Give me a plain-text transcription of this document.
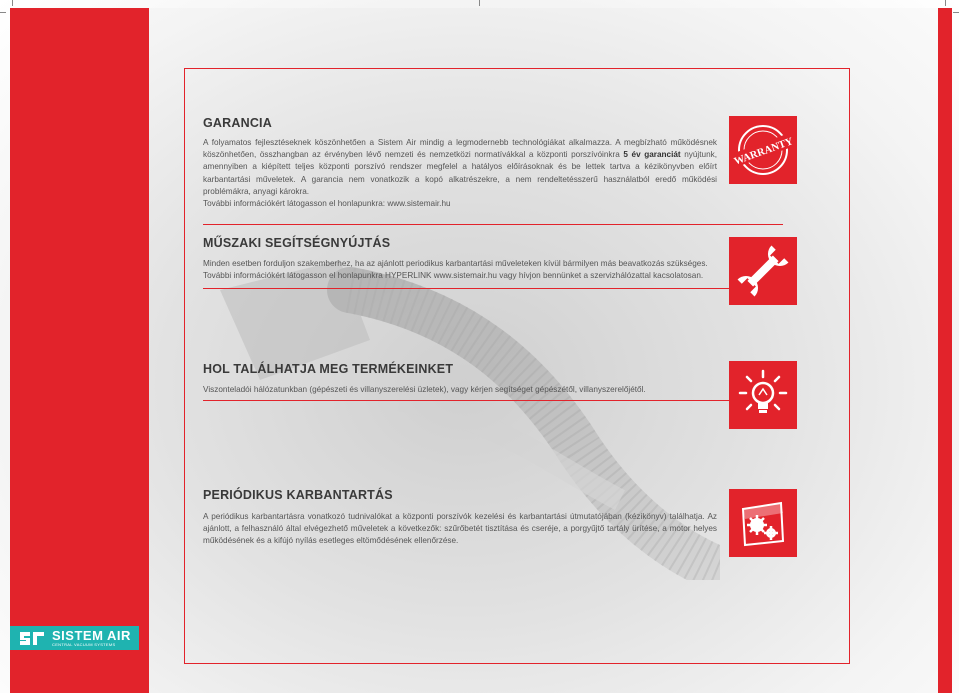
GARANCIA

A folyamatos fejlesztéseknek köszönhetően a Sistem Air mindig a legmodernebb technológiákat alkalmazza. A megbízható működésnek köszönhetően, összhangban az érvényben lévő nemzeti és nemzetközi normatívákkal a központi porszívóinkra 5 év garanciát nyújtunk, amennyiben a kiépített teljes központi porszívó rendszer megfelel a hatályos előírásoknak és be lettek tartva a kézikönyvben előírt karbantartási műveletek. A garancia nem vonatkozik a kopó alkatrészekre, a nem rendeltetésszerű használatból eredő működési problémákra, anyagi károkra.

További információkért látogasson el honlapunkra: www.sistemair.hu

WARRANTY
MŰSZAKI SEGÍTSÉGNYÚJTÁS

Minden esetben forduljon szakemberhez, ha az ajánlott periodikus karbantartási műveleteken kívül bármilyen más beavatkozás szükséges.

További információkért látogasson el honlapunkra HYPERLINK www.sistemair.hu vagy hívjon bennünket a szervizhálózattal kacsolatosan.

HOL TALÁLHATJA MEG TERMÉKEINKET

Viszonteladói hálózatunkban (gépészeti és villanyszerelési üzletek), vagy kérjen segítséget gépészétől, villanyszerelőjétől.

PERIÓDIKUS KARBANTARTÁS

A periódikus karbantartásra vonatkozó tudnivalókat a központi porszívók kezelési és karbantartási útmutatójában (kézikönyv) találhatja. Az ajánlott, a felhasználó által elvégezhető műveletek a következők: szűrőbetét tisztítása és cseréje, a porgyűjtő tartály ürítése, a motor helyes működésének és a kifújó nyílás esetleges eltömődésének ellenőrzése.

SISTEM AIR
CENTRAL VACUUM SYSTEMS
